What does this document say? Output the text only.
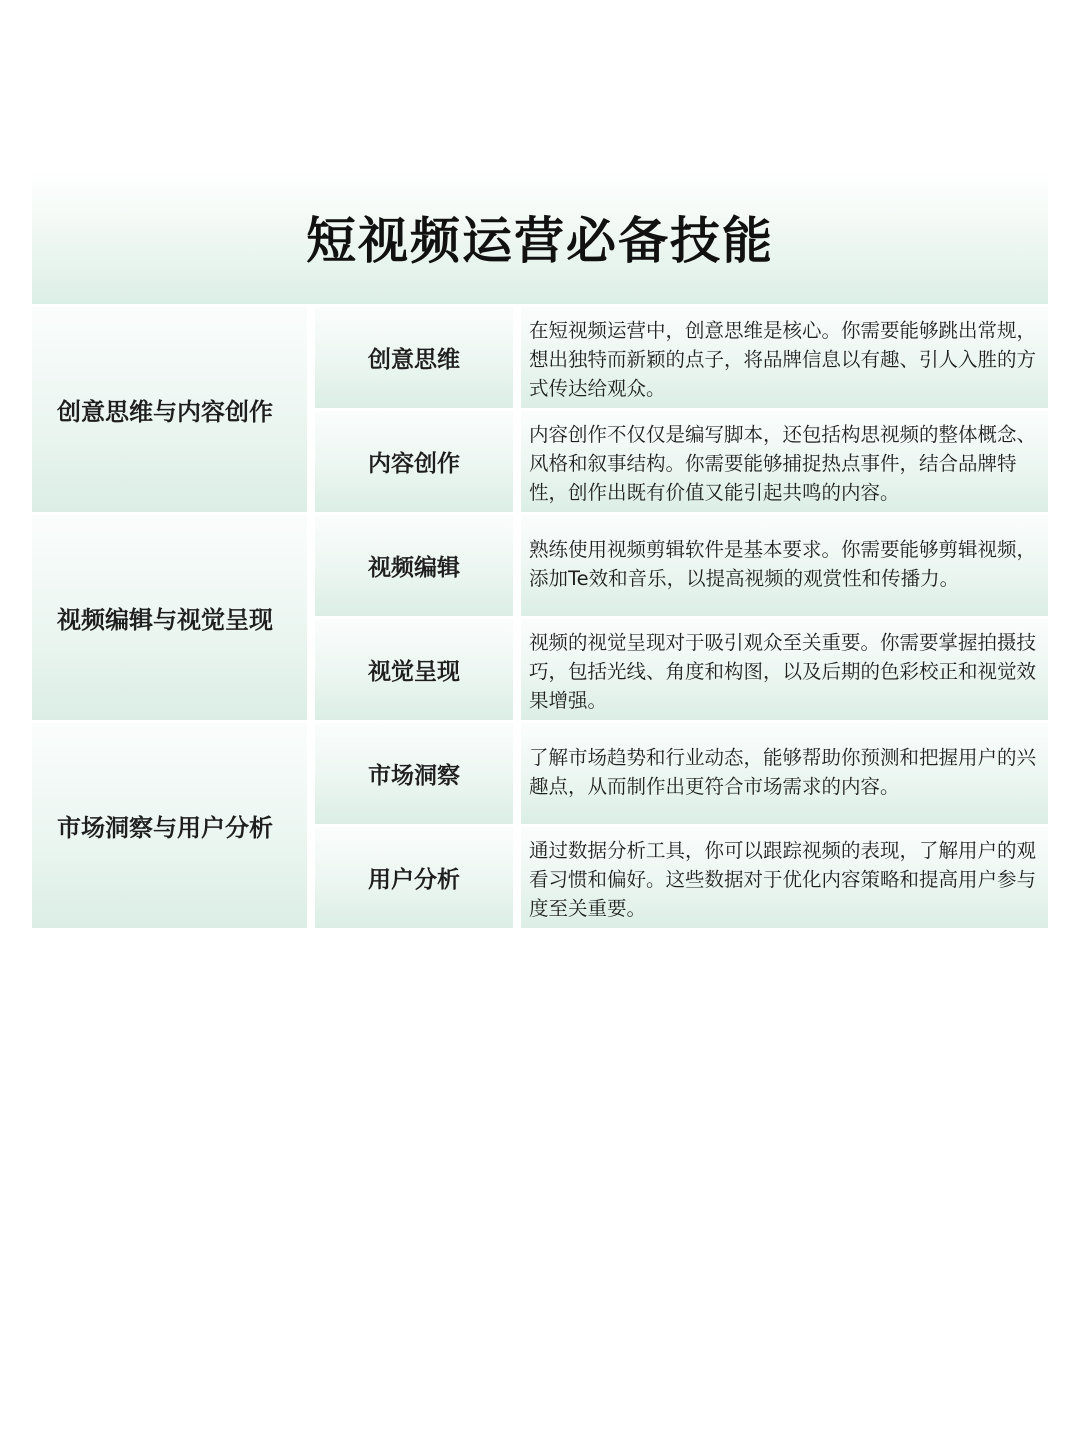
短视频运营必备技能
创意思维与内容创作
创意思维
在短视频运营中，创意思维是核心。你需要能够跳出常规，想出独特而新颖的点子，将品牌信息以有趣、引人入胜的方式传达给观众。
内容创作
内容创作不仅仅是编写脚本，还包括构思视频的整体概念、风格和叙事结构。你需要能够捕捉热点事件，结合品牌特性，创作出既有价值又能引起共鸣的内容。
视频编辑与视觉呈现
视频编辑
熟练使用视频剪辑软件是基本要求。你需要能够剪辑视频，添加Te效和音乐，以提高视频的观赏性和传播力。
视觉呈现
视频的视觉呈现对于吸引观众至关重要。你需要掌握拍摄技巧，包括光线、角度和构图，以及后期的色彩校正和视觉效果增强。
市场洞察与用户分析
市场洞察
了解市场趋势和行业动态，能够帮助你预测和把握用户的兴趣点，从而制作出更符合市场需求的内容。
用户分析
通过数据分析工具，你可以跟踪视频的表现，了解用户的观看习惯和偏好。这些数据对于优化内容策略和提高用户参与度至关重要。
